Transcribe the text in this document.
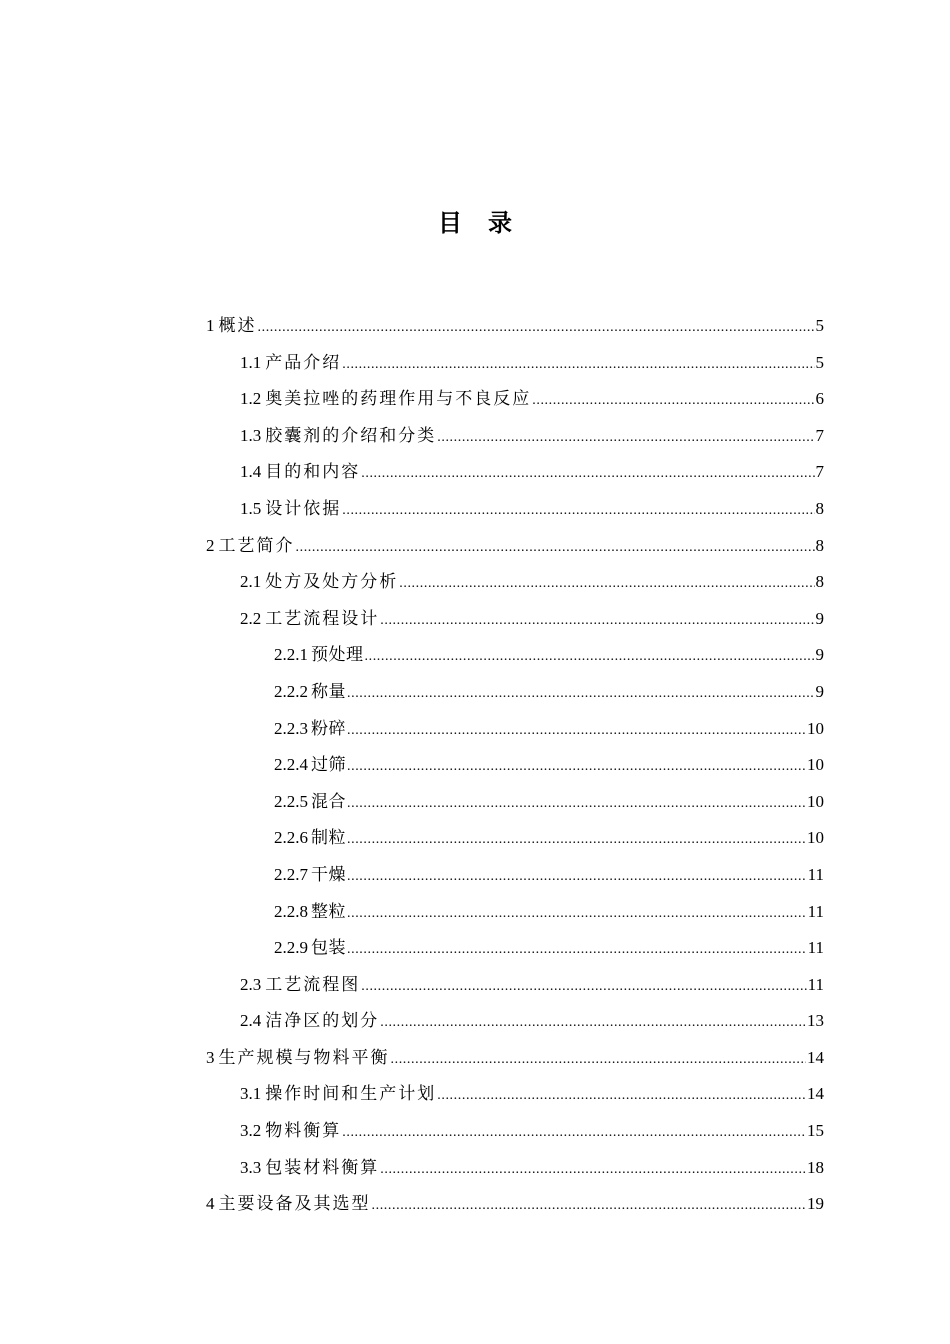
目录
1 概述 .....	5
1.1 产品介绍 .....	5
1.2 奥美拉唑的药理作用与不良反应 .....	6
1.3 胶囊剂的介绍和分类 .....	7
1.4 目的和内容 .....	7
1.5 设计依据 .....	8
2 工艺简介 .....	8
2.1 处方及处方分析 .....	8
2.2 工艺流程设计 .....	9
2.2.1 预处理 .....	9
2.2.2 称量 .....	9
2.2.3 粉碎 .....	10
2.2.4 过筛 .....	10
2.2.5 混合 .....	10
2.2.6 制粒 .....	10
2.2.7 干燥 .....	11
2.2.8 整粒 .....	11
2.2.9 包装 .....	11
2.3 工艺流程图 .....	11
2.4 洁净区的划分 .....	13
3 生产规模与物料平衡 .....	14
3.1 操作时间和生产计划 .....	14
3.2 物料衡算 .....	15
3.3 包装材料衡算 .....	18
4 主要设备及其选型 .....	19
